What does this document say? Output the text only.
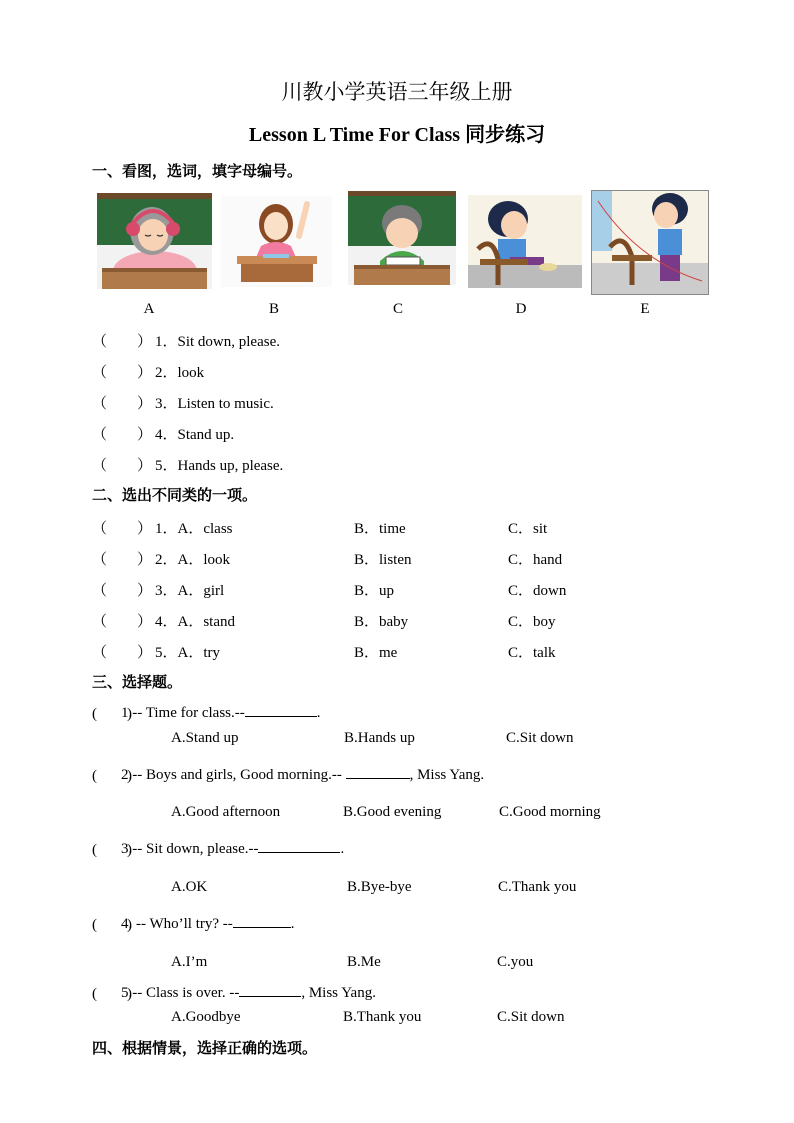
川教小学英语三年级上册
Lesson L Time For Class 同步练习
一、看图，选词，填字母编号。
A	B	C	D	E
（　　） 1．Sit down, please.
（　　） 2．look
（　　） 3．Listen to music.
（　　） 4．Stand up.
（　　） 5．Hands up, please.
二、选出不同类的一项。
（　　） 1．A．class	B．time	C．sit
（　　） 2．A．look	B．listen	C．hand
（　　） 3．A．girl	B．up	C．down
（　　） 4．A．stand	B．baby	C．boy
（　　） 5．A．try	B．me	C．talk
三、选择题。
(　　)
1.-- Time for class.--	.
A.Stand up	B.Hands up	C.Sit down
(　　)
2.-- Boys and girls, Good morning.--	, Miss Yang.
A.Good afternoon	B.Good evening	C.Good morning
(　　)
3.-- Sit down, please.--	.
A.OK	B.Bye-bye	C.Thank you
(　　)
4. -- Who’ll try? --	.
A.I’m	B.Me	C.you
(　　)
5.-- Class is over. --	, Miss Yang.
A.Goodbye	B.Thank you	C.Sit down
四、根据情景，选择正确的选项。
